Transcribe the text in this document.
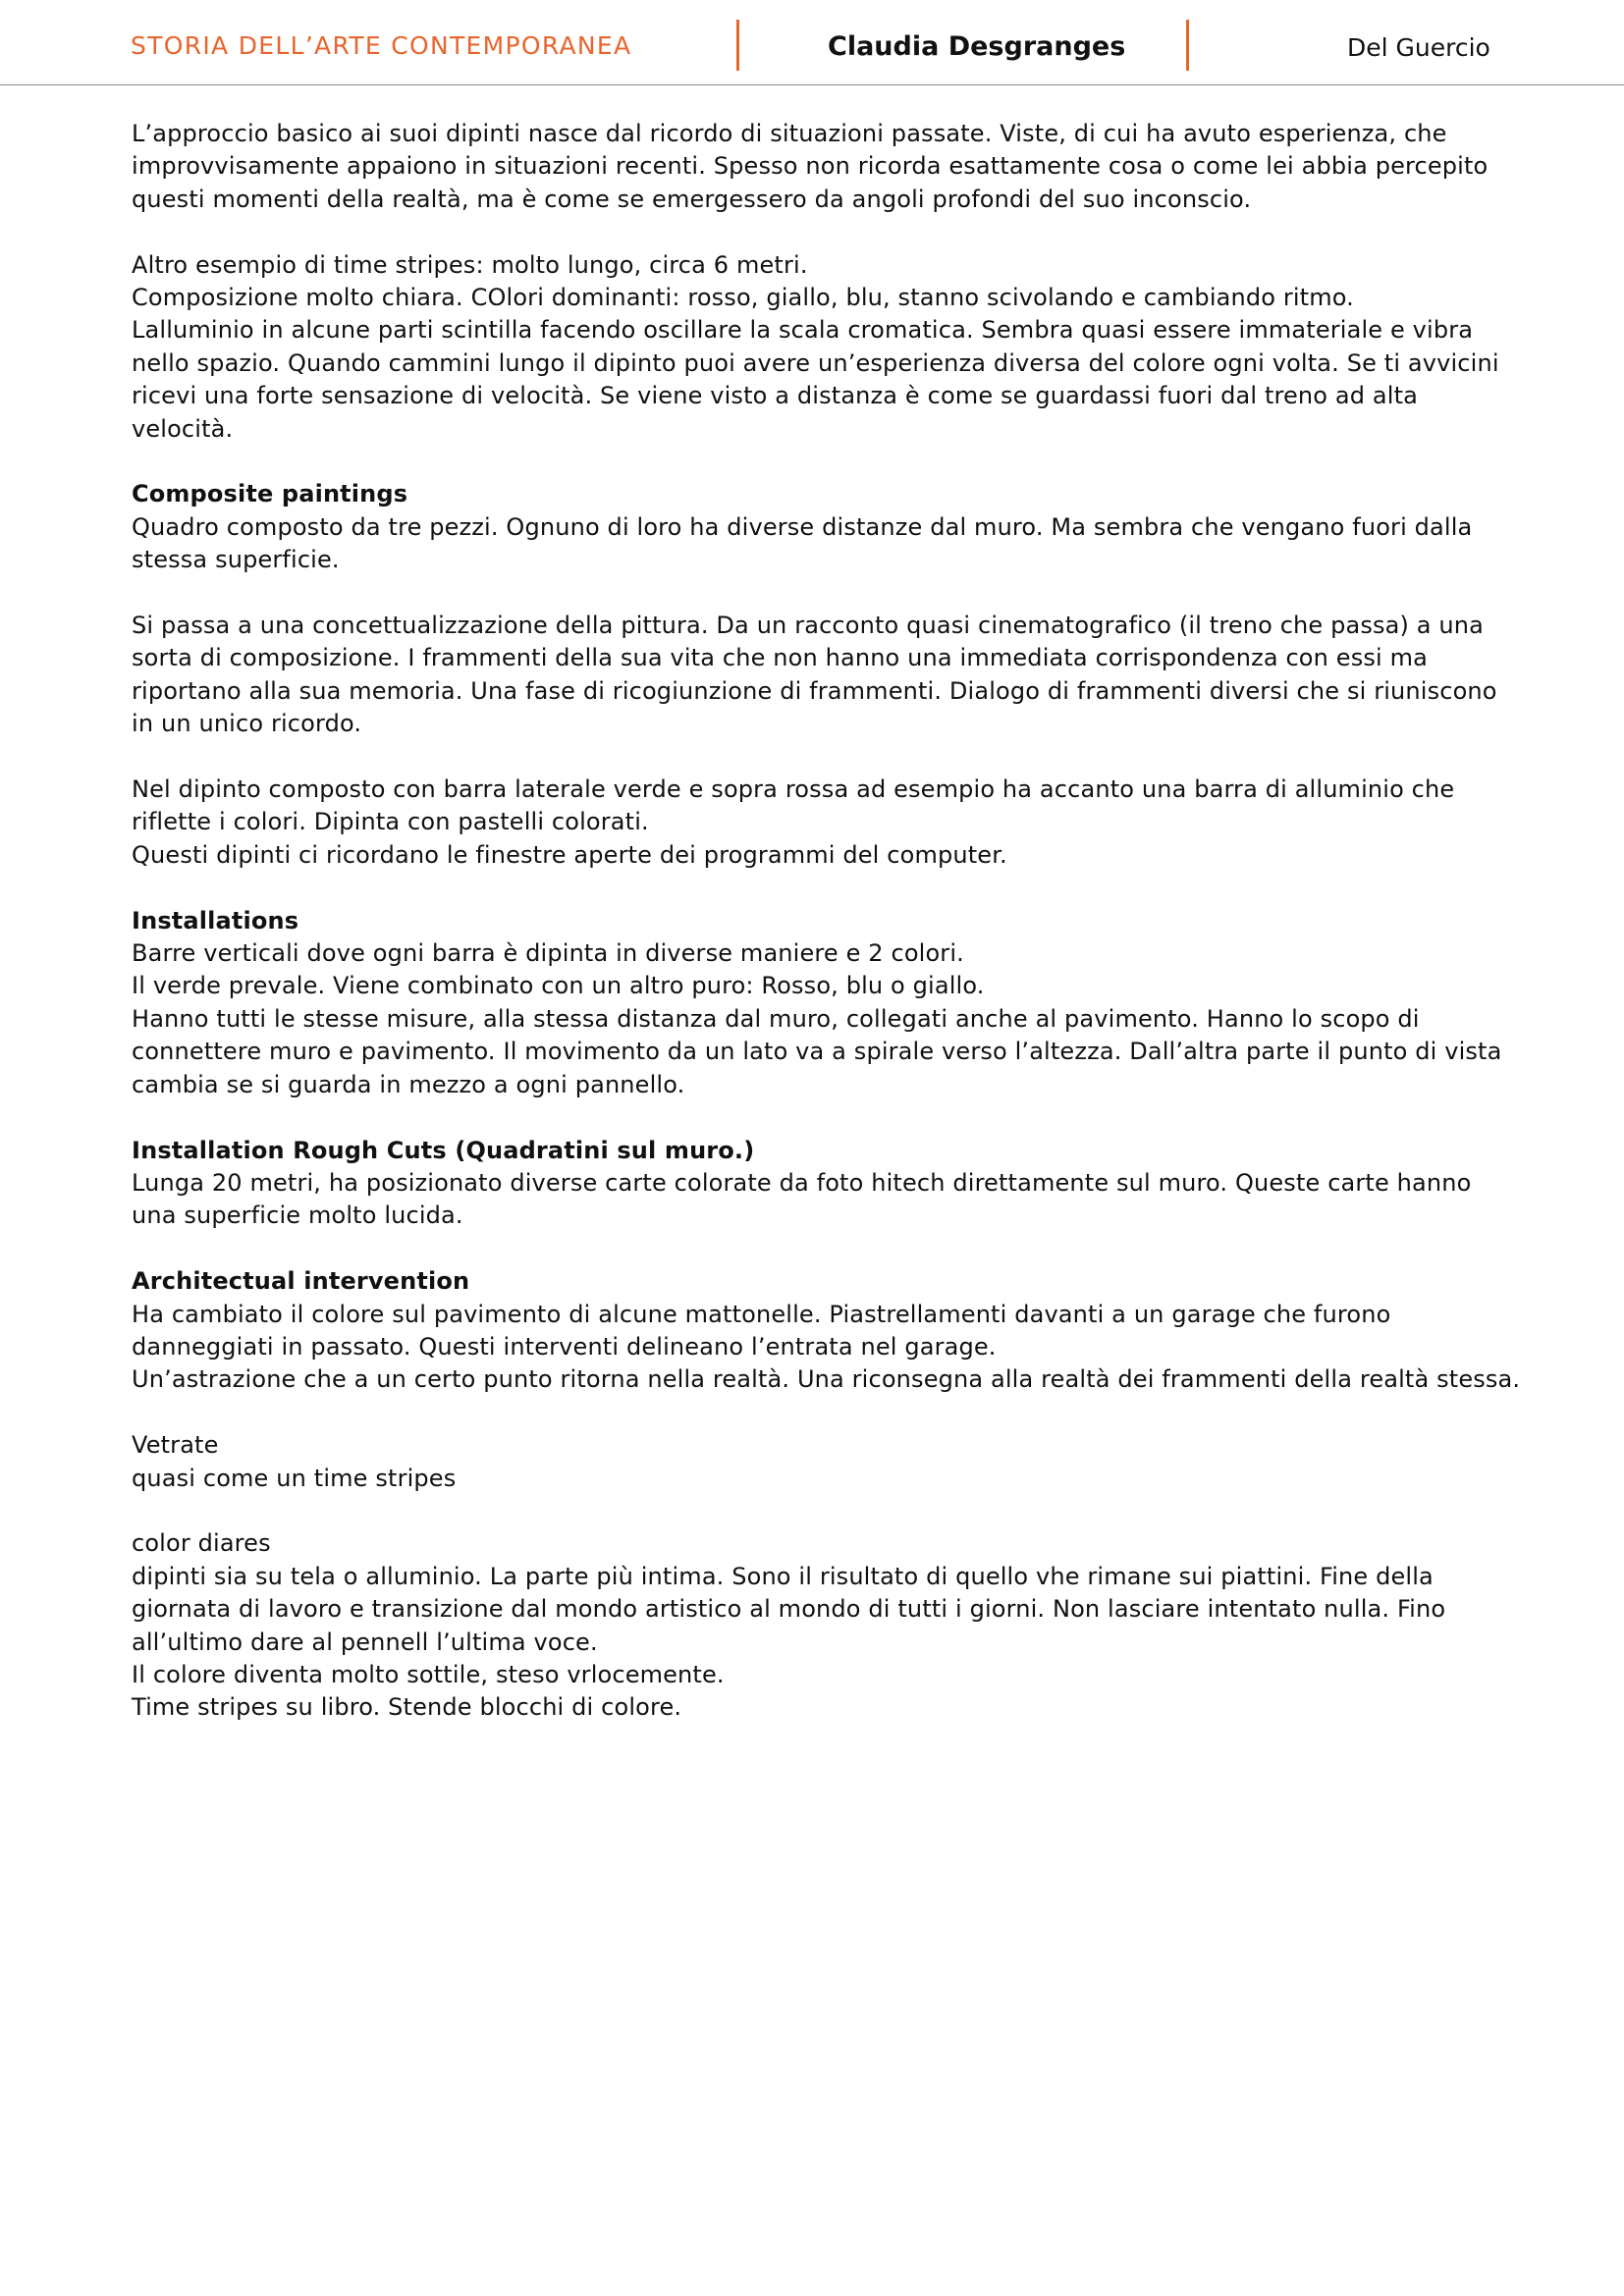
STORIA DELL’ARTE CONTEMPORANEA	Claudia Desgranges	Del Guercio
L’approccio basico ai suoi dipinti nasce dal ricordo di situazioni passate. Viste, di cui ha avuto esperienza, che
improvvisamente appaiono in situazioni recenti. Spesso non ricorda esattamente cosa o come lei abbia percepito
questi momenti della realtà, ma è come se emergessero da angoli profondi del suo inconscio.
Altro esempio di time stripes: molto lungo, circa 6 metri.
Composizione molto chiara. COlori dominanti: rosso, giallo, blu, stanno scivolando e cambiando ritmo.
Lalluminio in alcune parti scintilla facendo oscillare la scala cromatica. Sembra quasi essere immateriale e vibra
nello spazio. Quando cammini lungo il dipinto puoi avere un’esperienza diversa del colore ogni volta. Se ti avvicini
ricevi una forte sensazione di velocità. Se viene visto a distanza è come se guardassi fuori dal treno ad alta
velocità.
Composite paintings
Quadro composto da tre pezzi. Ognuno di loro ha diverse distanze dal muro. Ma sembra che vengano fuori dalla
stessa superficie.
Si passa a una concettualizzazione della pittura. Da un racconto quasi cinematografico (il treno che passa) a una
sorta di composizione. I frammenti della sua vita che non hanno una immediata corrispondenza con essi ma
riportano alla sua memoria. Una fase di ricogiunzione di frammenti. Dialogo di frammenti diversi che si riuniscono
in un unico ricordo.
Nel dipinto composto con barra laterale verde e sopra rossa ad esempio ha accanto una barra di alluminio che
riflette i colori. Dipinta con pastelli colorati.
Questi dipinti ci ricordano le finestre aperte dei programmi del computer.
Installations
Barre verticali dove ogni barra è dipinta in diverse maniere e 2 colori.
Il verde prevale. Viene combinato con un altro puro: Rosso, blu o giallo.
Hanno tutti le stesse misure, alla stessa distanza dal muro, collegati anche al pavimento. Hanno lo scopo di
connettere muro e pavimento. Il movimento da un lato va a spirale verso l’altezza. Dall’altra parte il punto di vista
cambia se si guarda in mezzo a ogni pannello.
Installation Rough Cuts (Quadratini sul muro.)
Lunga 20 metri, ha posizionato diverse carte colorate da foto hitech direttamente sul muro. Queste carte hanno
una superficie molto lucida.
Architectual intervention
Ha cambiato il colore sul pavimento di alcune mattonelle. Piastrellamenti davanti a un garage che furono
danneggiati in passato. Questi interventi delineano l’entrata nel garage.
Un’astrazione che a un certo punto ritorna nella realtà. Una riconsegna alla realtà dei frammenti della realtà stessa.
Vetrate
quasi come un time stripes
color diares
dipinti sia su tela o alluminio. La parte più intima. Sono il risultato di quello vhe rimane sui piattini. Fine della
giornata di lavoro e transizione dal mondo artistico al mondo di tutti i giorni. Non lasciare intentato nulla. Fino
all’ultimo dare al pennell l’ultima voce.
Il colore diventa molto sottile, steso vrlocemente.
Time stripes su libro. Stende blocchi di colore.
